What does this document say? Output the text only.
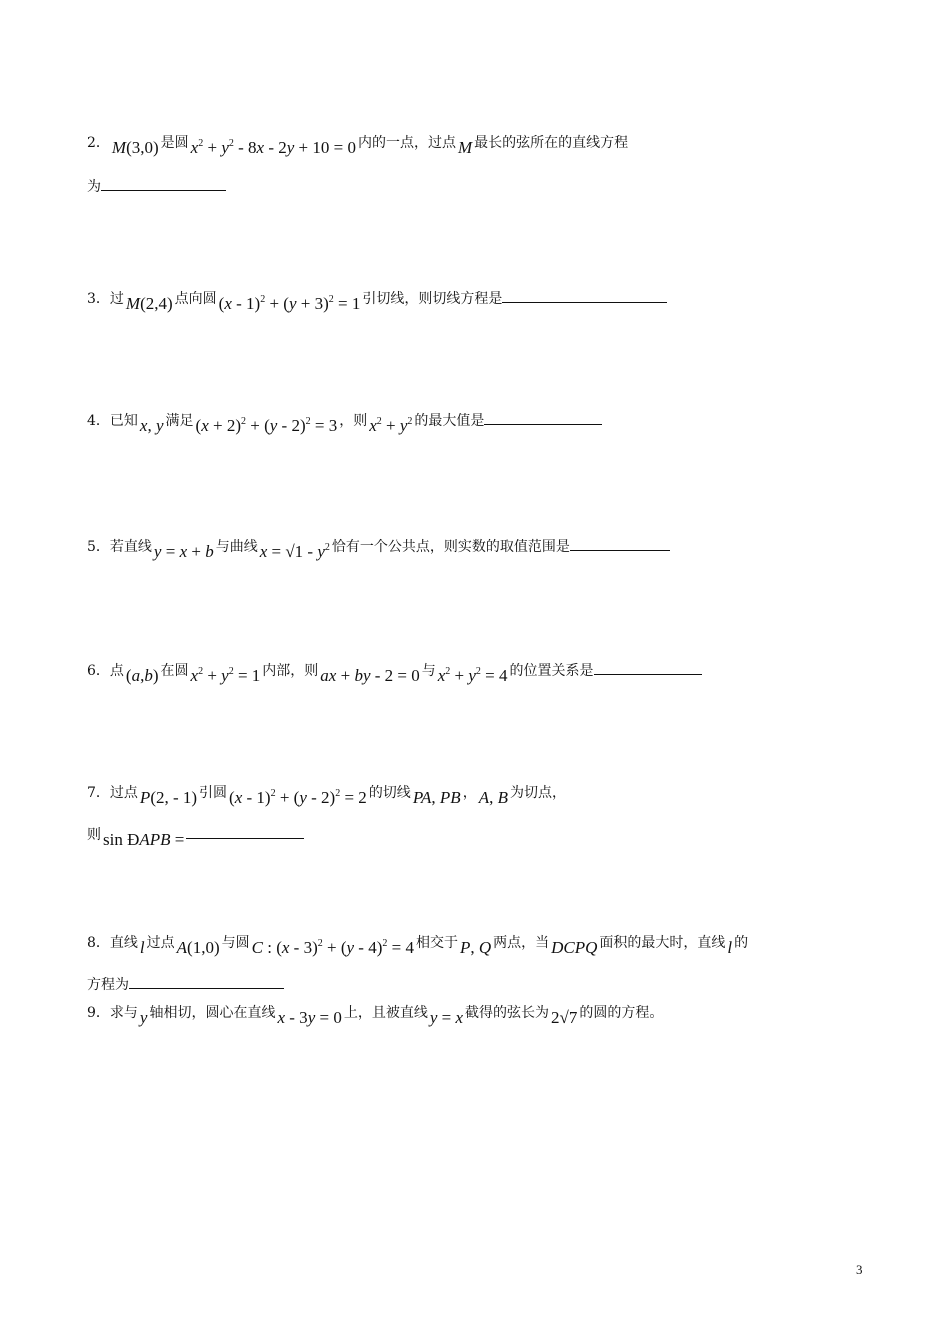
2． M(3,0) 是圆 $x^2 + y^2 - 8x - 2y + 10 = 0$ 内的一点，过点 M 最长的弦所在的直线方程
为
3．过 M(2,4) 点向圆 $(x - 1)^2 + (y + 3)^2 = 1$ 引切线，则切线方程是
4．已知 x, y 满足 $(x + 2)^2 + (y - 2)^2 = 3$ ，则 $x^2 + y^2$ 的最大值是
5．若直线 y = x + b 与曲线 $x = √1 - y^2$ 恰有一个公共点，则实数的取值范围是
6．点 (a,b) 在圆 $x^2 + y^2 = 1$ 内部，则 ax + by - 2 = 0 与 $x^2 + y^2 = 4$ 的位置关系是
7．过点 P(2, - 1) 引圆 (x - 1)$^2$ + (y - 2)$^2$ = 2 的切线 PA, PB ， A, B 为切点，
则 sin ÐAPB =
8．直线 l 过点 A(1,0) 与圆 C : (x - 3)$^2$ + (y - 4)$^2$ = 4 相交于 P, Q 两点，当 DCPQ 面积的最大时，直线 l 的
方程为
9．求与 y 轴相切，圆心在直线 x - 3y = 0 上，且被直线 y = x 截得的弦长为 2√7 的圆的方程。
3
